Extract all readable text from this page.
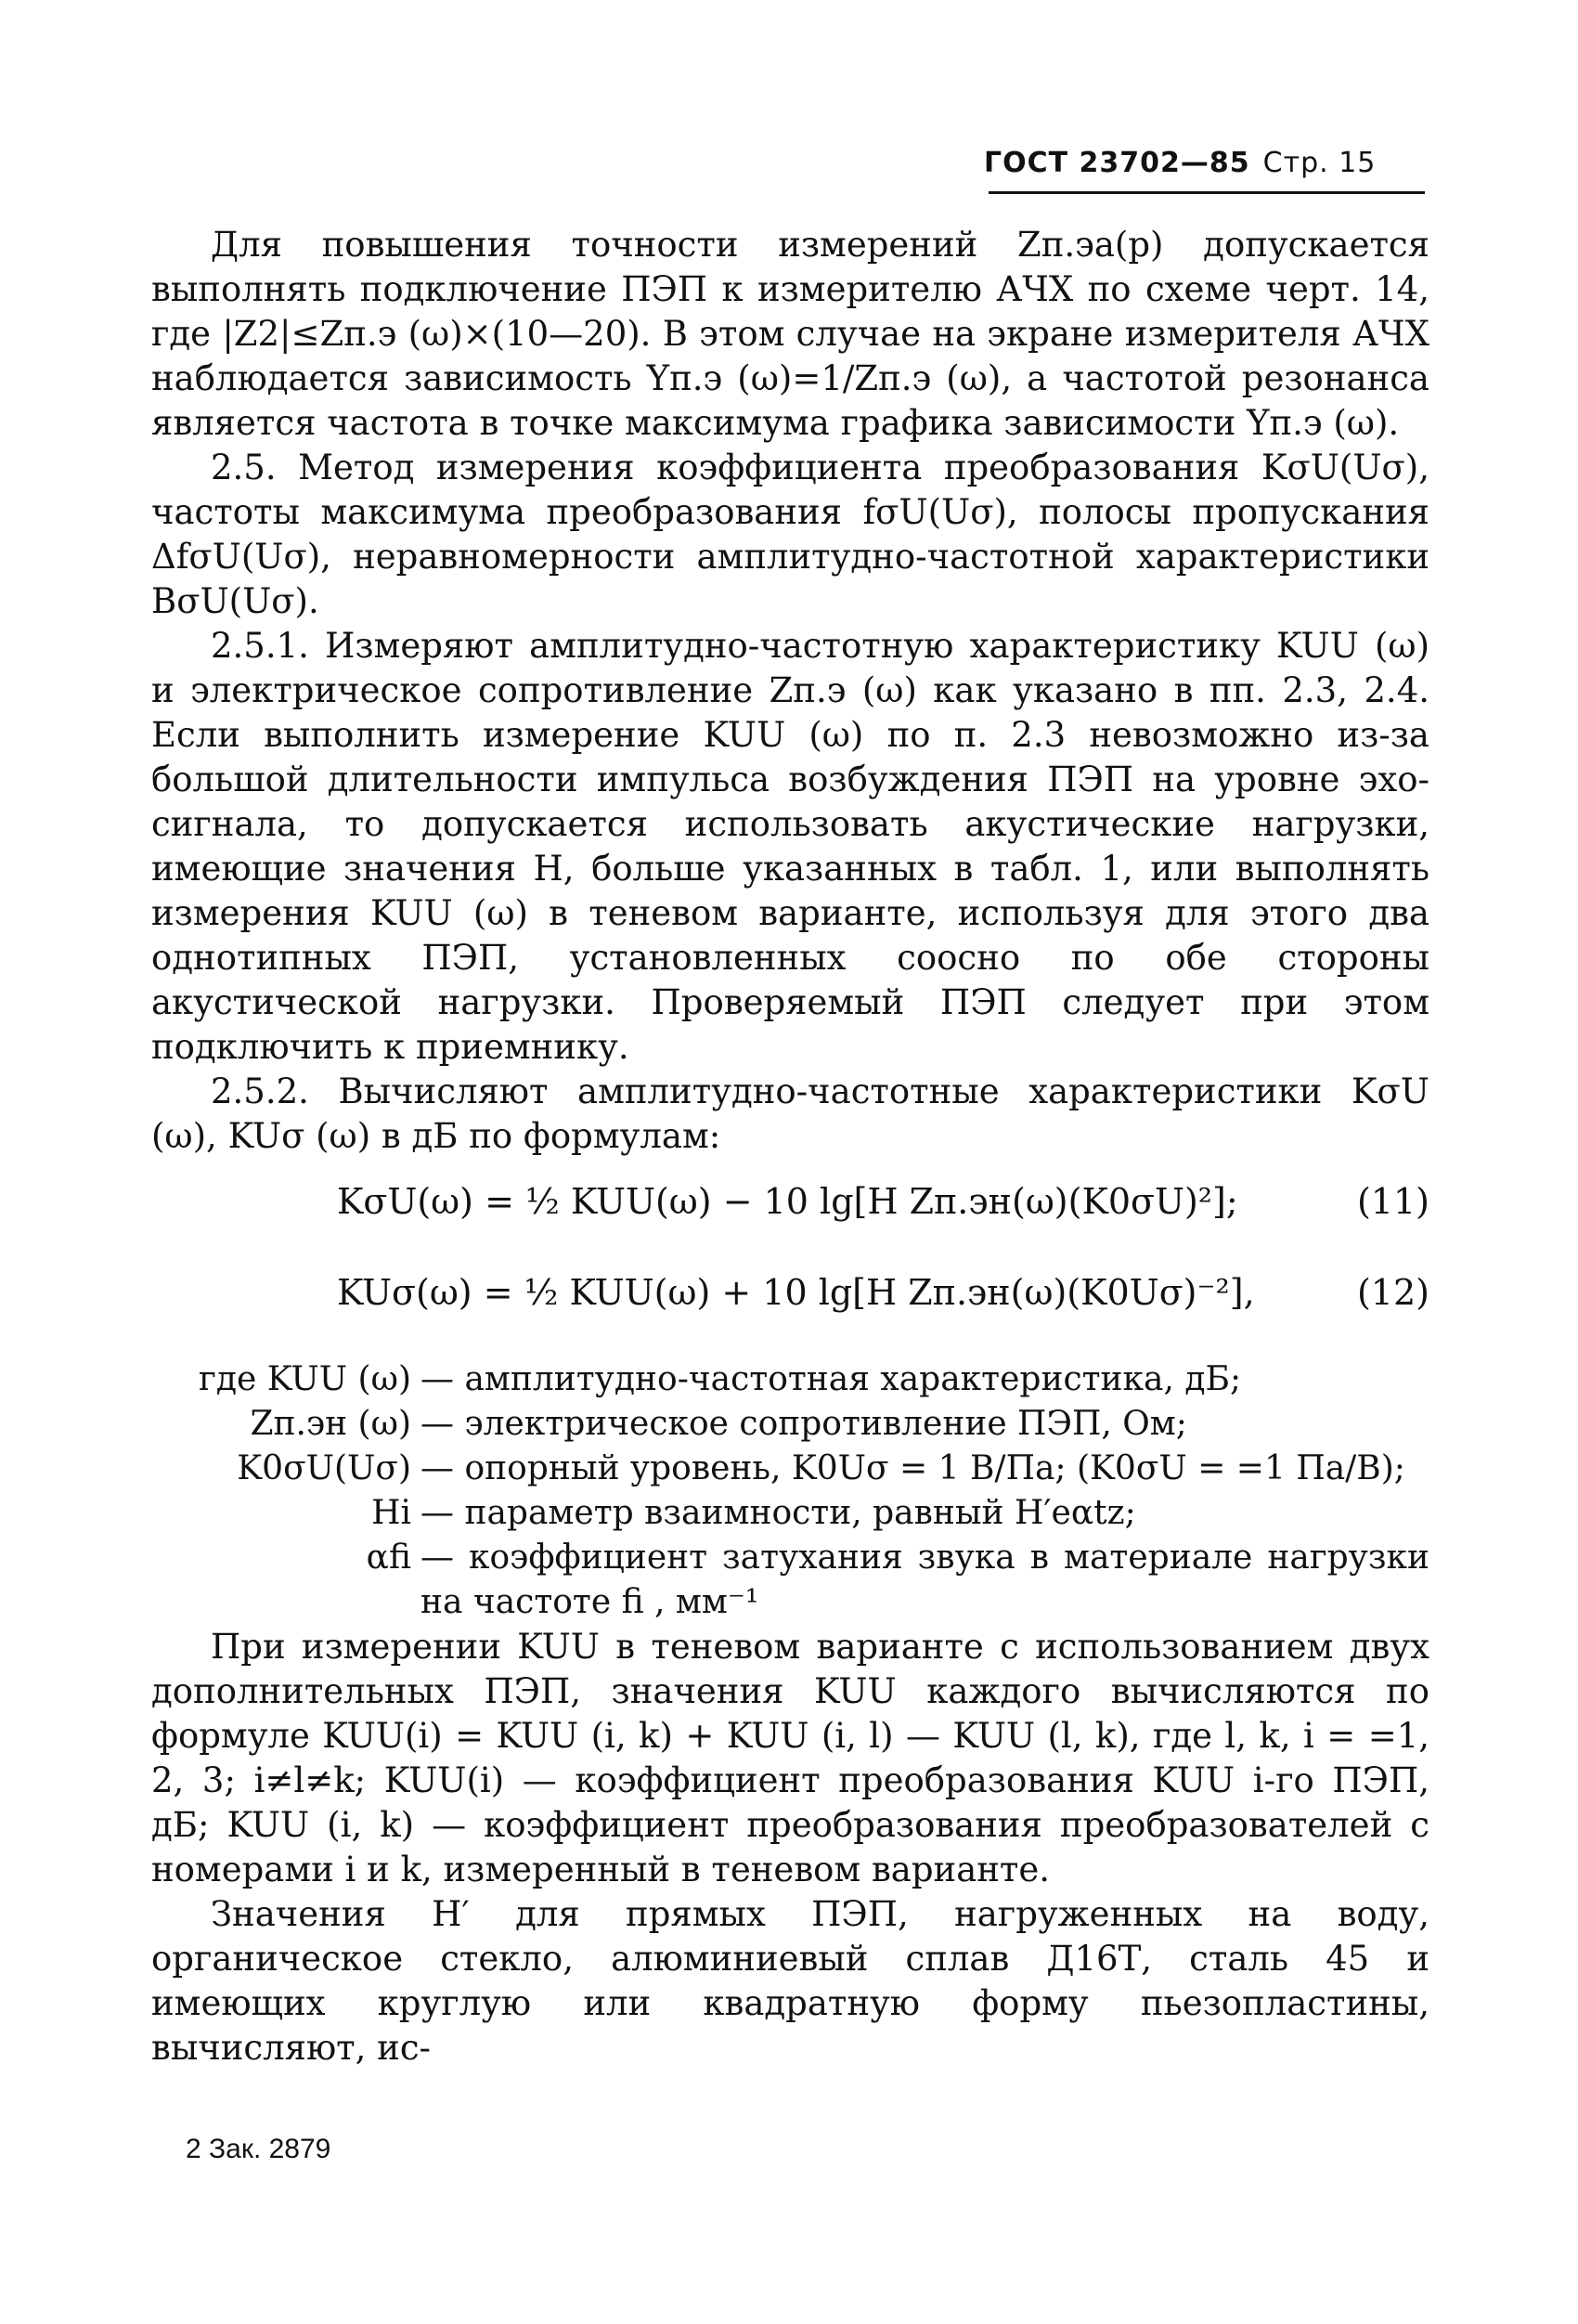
ГОСТ 23702—85 Стр. 15

Для повышения точности измерений Zп.эa(p) допускается выполнять подключение ПЭП к измерителю АЧХ по схеме черт. 14, где |Z2|≤Zп.э (ω)×(10—20). В этом случае на экране измерителя АЧХ наблюдается зависимость Yп.э (ω)=1/Zп.э (ω), а частотой резонанса является частота в точке максимума графика зависимости Yп.э (ω).

2.5. Метод измерения коэффициента преобразования KσU(Uσ), частоты максимума преобразования fσU(Uσ), полосы пропускания ΔfσU(Uσ), неравномерности амплитудно-частотной характеристики BσU(Uσ).

2.5.1. Измеряют амплитудно-частотную характеристику KUU (ω) и электрическое сопротивление Zп.э (ω) как указано в пп. 2.3, 2.4. Если выполнить измерение KUU (ω) по п. 2.3 невозможно из-за большой длительности импульса возбуждения ПЭП на уровне эхо-сигнала, то допускается использовать акустические нагрузки, имеющие значения H, больше указанных в табл. 1, или выполнять измерения KUU (ω) в теневом варианте, используя для этого два однотипных ПЭП, установленных соосно по обе стороны акустической нагрузки. Проверяемый ПЭП следует при этом подключить к приемнику.

2.5.2. Вычисляют амплитудно-частотные характеристики KσU (ω), KUσ (ω) в дБ по формулам:

KσU(ω) = ½ KUU(ω) − 10 lg[H Zп.эн(ω)(K0σU)²];	(11)
KUσ(ω) = ½ KUU(ω) + 10 lg[H Zп.эн(ω)(K0Uσ)⁻²],	(12)
где KUU (ω) — амплитудно-частотная характеристика, дБ;
Zп.эн (ω) — электрическое сопротивление ПЭП, Ом;
K0σU(Uσ) — опорный уровень, K0Uσ = 1 В/Па; (K0σU = =1 Па/В);
Hi — параметр взаимности, равный H′eαtz;
αfi — коэффициент затухания звука в материале нагрузки на частоте fi , мм⁻¹

При измерении KUU в теневом варианте с использованием двух дополнительных ПЭП, значения KUU каждого вычисляются по формуле KUU(i) = KUU (i, k) + KUU (i, l) — KUU (l, k), где l, k, i = =1, 2, 3; i≠l≠k; KUU(i) — коэффициент преобразования KUU i-го ПЭП, дБ; KUU (i, k) — коэффициент преобразования преобразователей с номерами i и k, измеренный в теневом варианте.

Значения H′ для прямых ПЭП, нагруженных на воду, органическое стекло, алюминиевый сплав Д16Т, сталь 45 и имеющих круглую или квадратную форму пьезопластины, вычисляют, ис-

2 Зак. 2879
